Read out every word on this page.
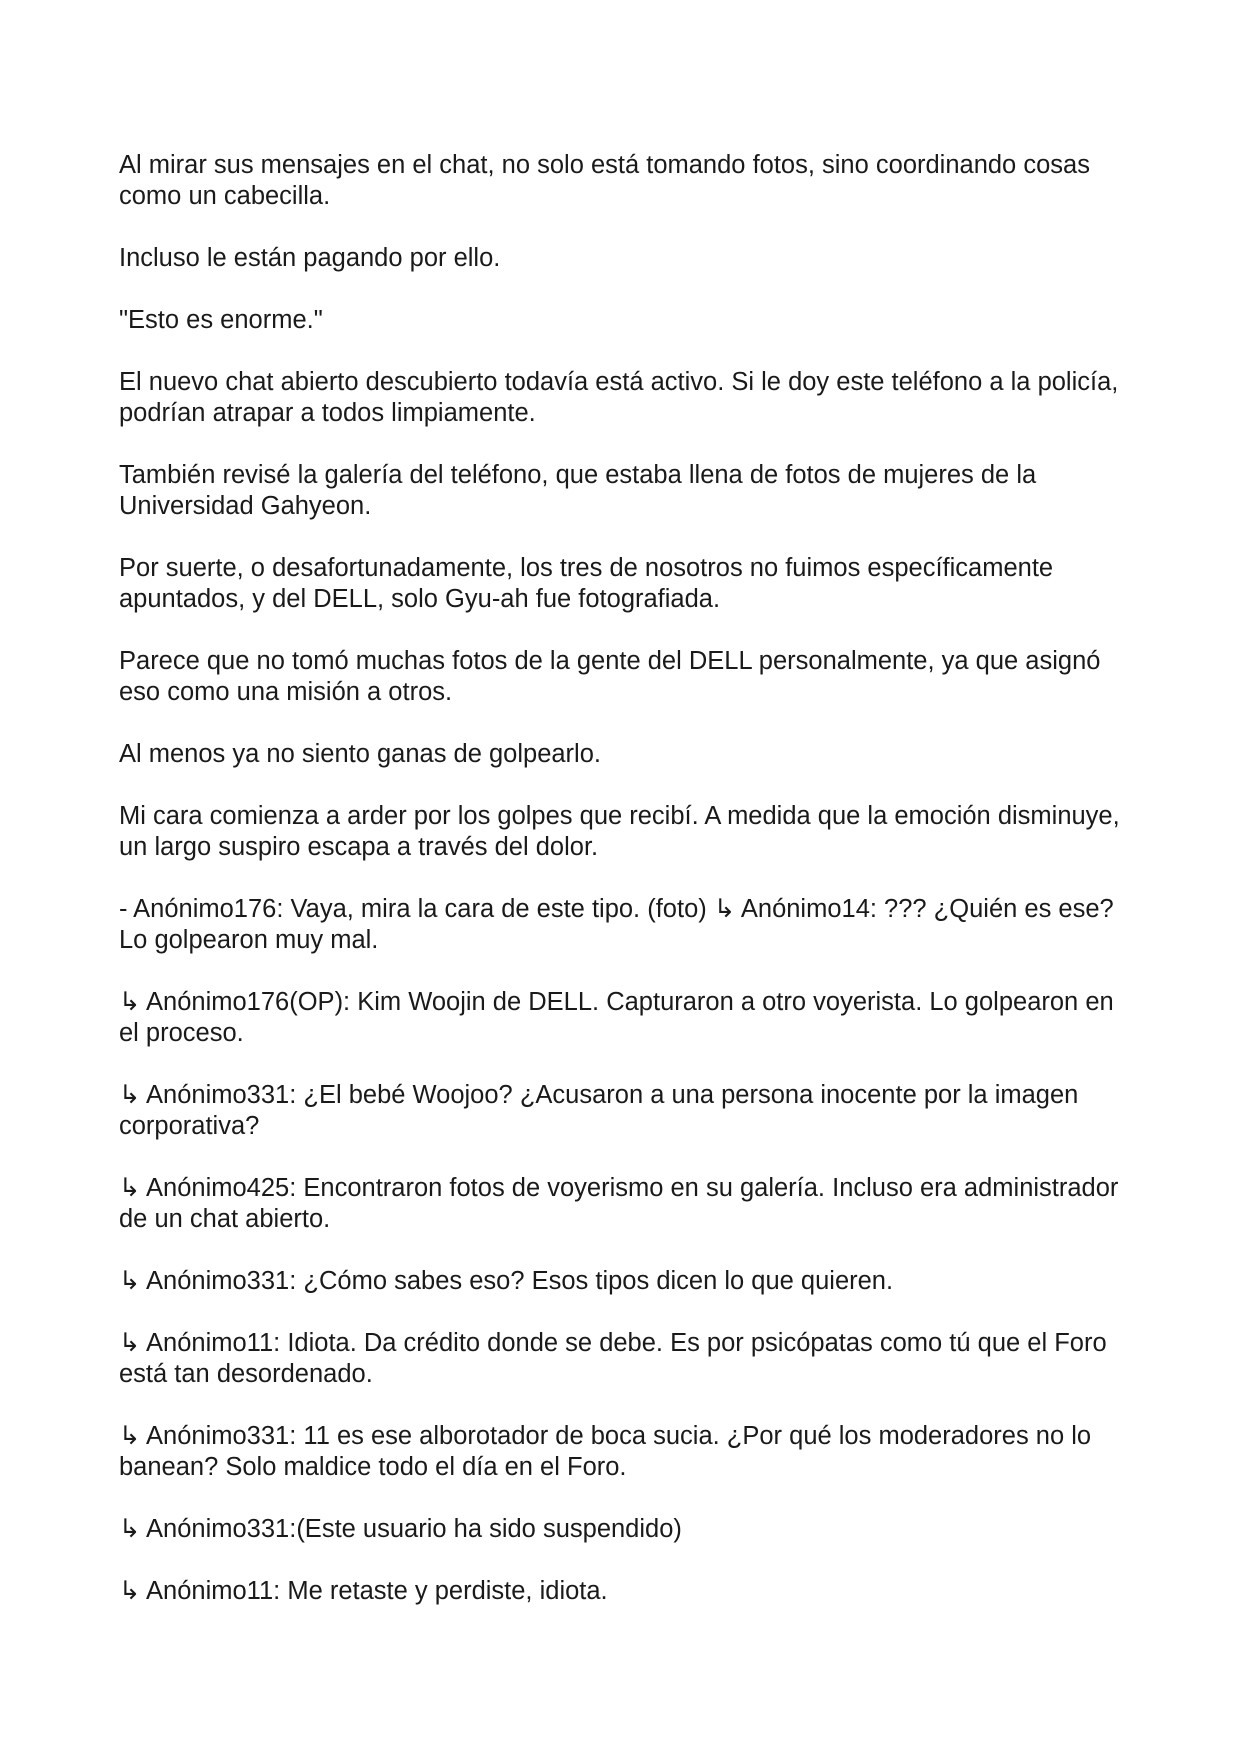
Al mirar sus mensajes en el chat, no solo está tomando fotos, sino coordinando cosas como un cabecilla.

Incluso le están pagando por ello.

"Esto es enorme."

El nuevo chat abierto descubierto todavía está activo. Si le doy este teléfono a la policía, podrían atrapar a todos limpiamente.

También revisé la galería del teléfono, que estaba llena de fotos de mujeres de la Universidad Gahyeon.

Por suerte, o desafortunadamente, los tres de nosotros no fuimos específicamente apuntados, y del DELL, solo Gyu-ah fue fotografiada.

Parece que no tomó muchas fotos de la gente del DELL personalmente, ya que asignó eso como una misión a otros.

Al menos ya no siento ganas de golpearlo.

Mi cara comienza a arder por los golpes que recibí. A medida que la emoción disminuye, un largo suspiro escapa a través del dolor.

- Anónimo176: Vaya, mira la cara de este tipo. (foto) ↳ Anónimo14: ??? ¿Quién es ese? Lo golpearon muy mal.

↳ Anónimo176(OP): Kim Woojin de DELL. Capturaron a otro voyerista. Lo golpearon en el proceso.

↳ Anónimo331: ¿El bebé Woojoo? ¿Acusaron a una persona inocente por la imagen corporativa?

↳ Anónimo425: Encontraron fotos de voyerismo en su galería. Incluso era administrador de un chat abierto.

↳ Anónimo331: ¿Cómo sabes eso? Esos tipos dicen lo que quieren.

↳ Anónimo11: Idiota. Da crédito donde se debe. Es por psicópatas como tú que el Foro está tan desordenado.

↳ Anónimo331: 11 es ese alborotador de boca sucia. ¿Por qué los moderadores no lo banean? Solo maldice todo el día en el Foro.

↳ Anónimo331:(Este usuario ha sido suspendido)

↳ Anónimo11: Me retaste y perdiste, idiota.
